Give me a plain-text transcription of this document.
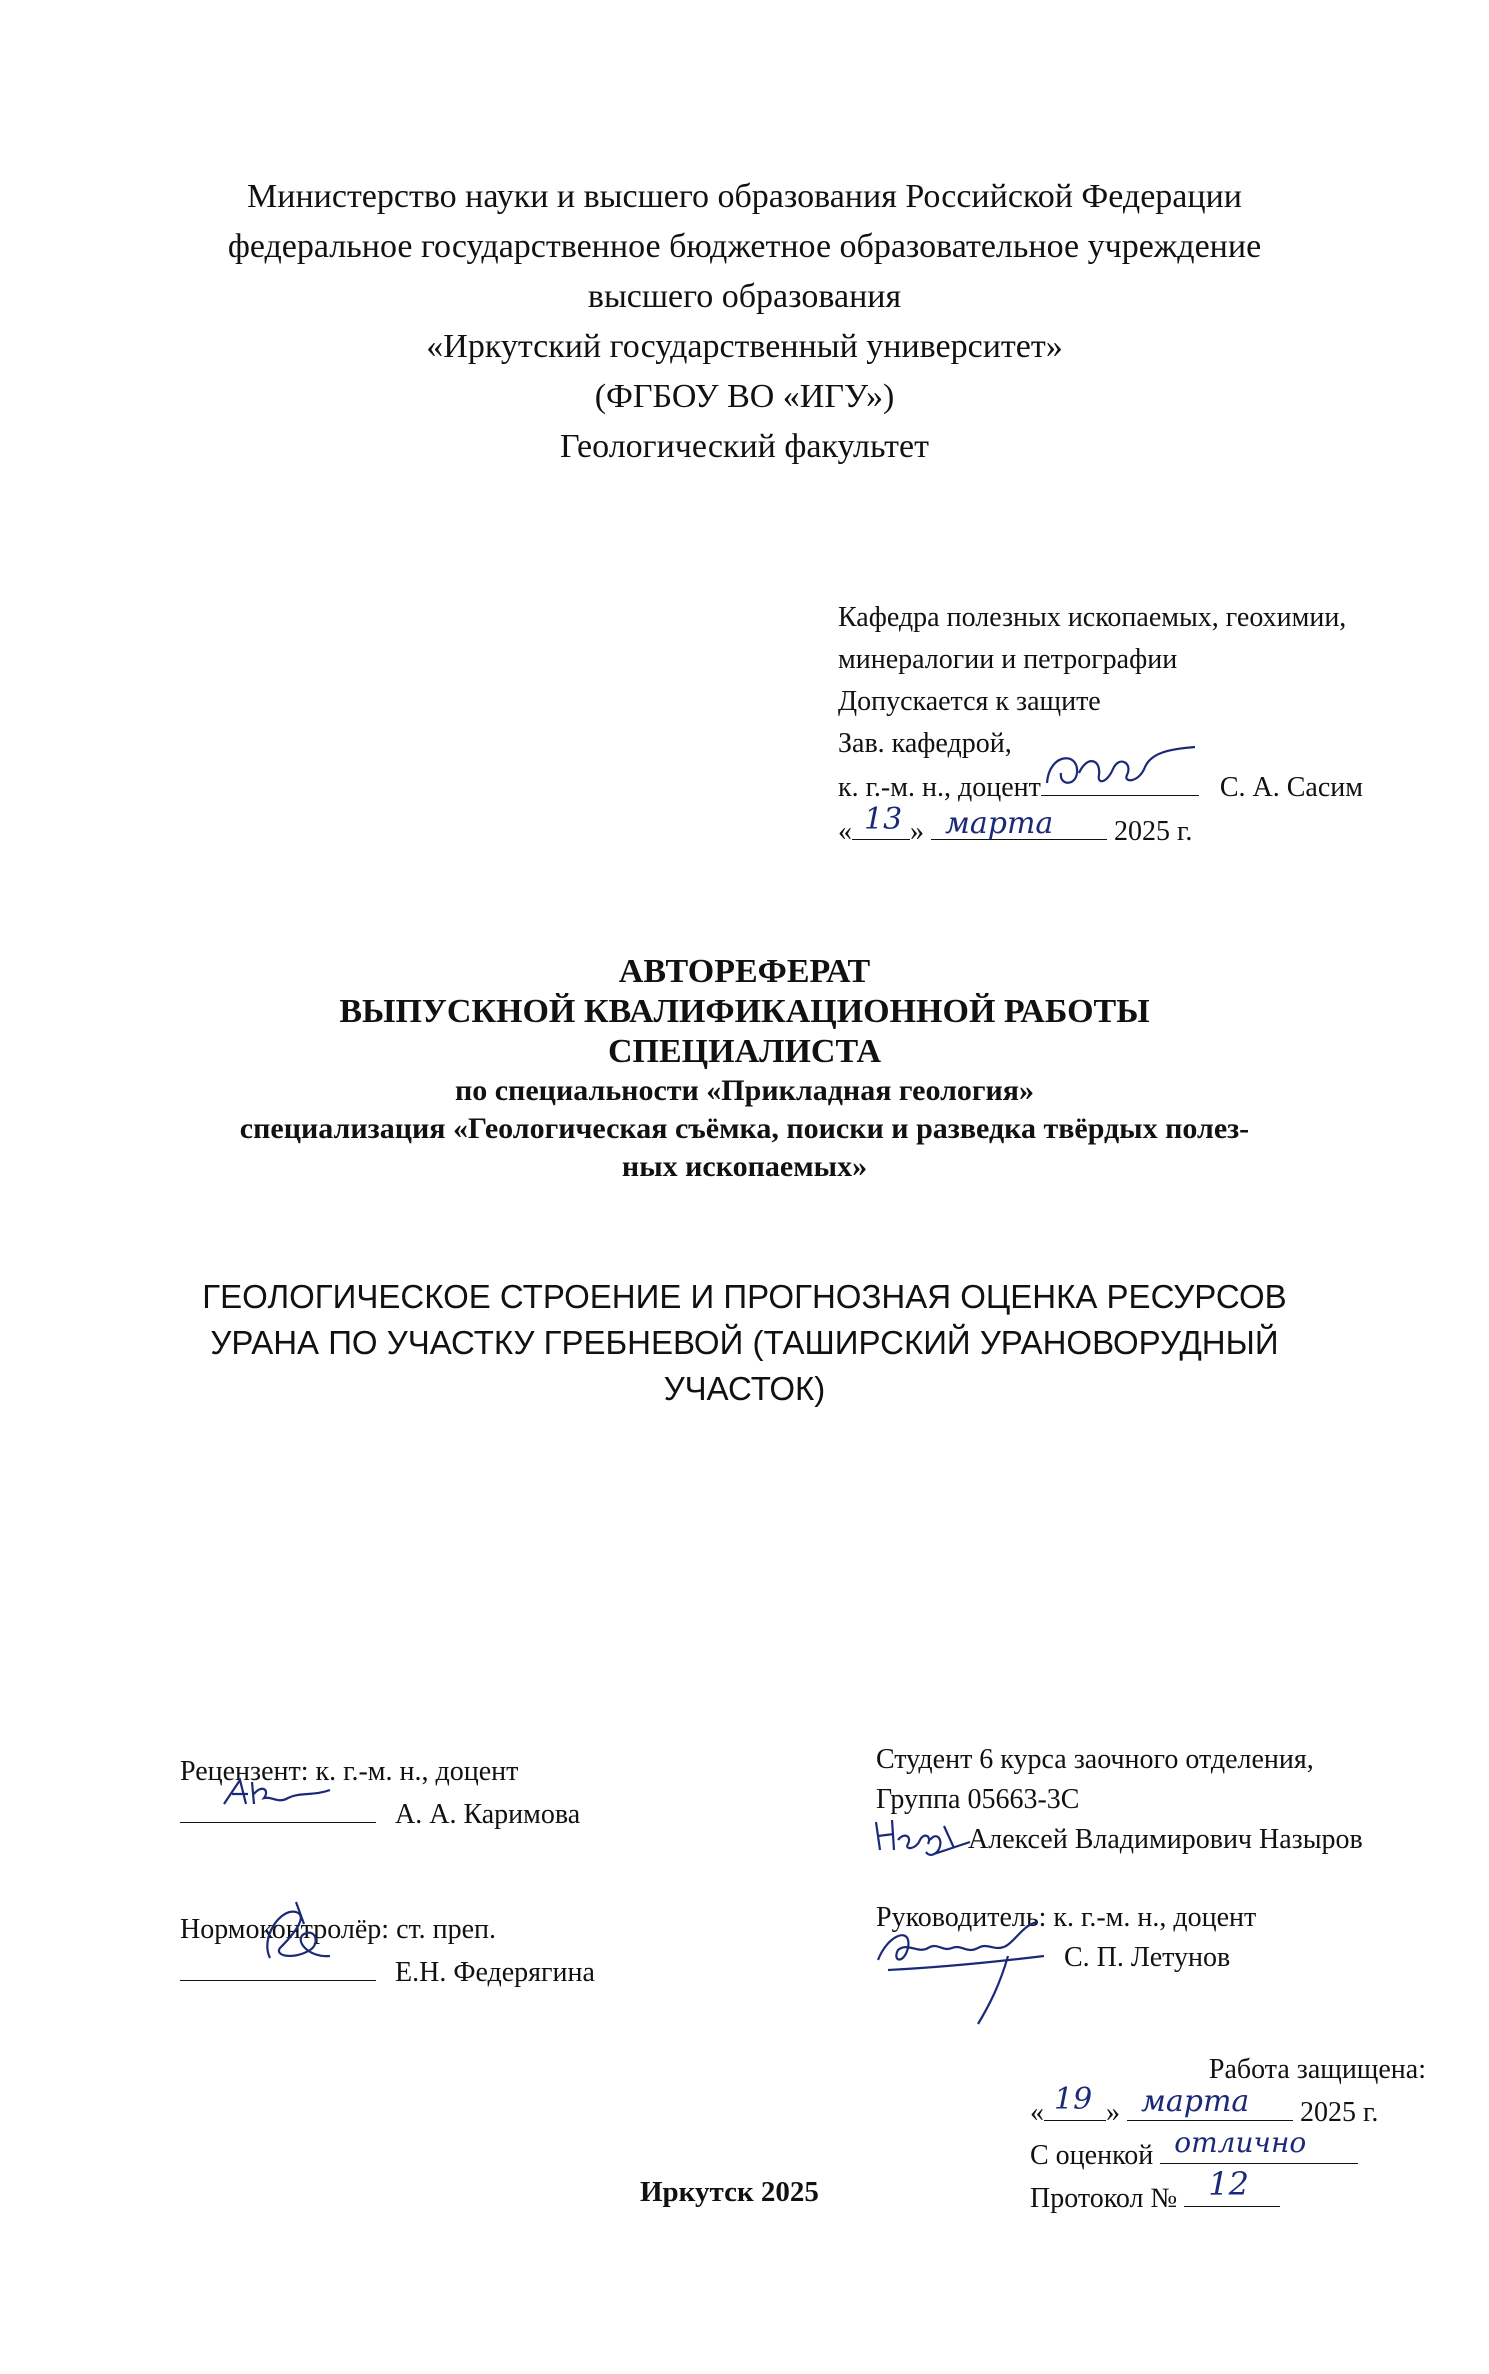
Министерство науки и высшего образования Российской Федерации
федеральное государственное бюджетное образовательное учреждение
высшего образования
«Иркутский государственный университет»
(ФГБОУ ВО «ИГУ»)
Геологический факультет
Кафедра полезных ископаемых, геохимии,
минералогии и петрографии
Допускается к защите
Зав. кафедрой,
к. г.-м. н., доцент	С. А. Сасим
« 13 » марта 2025 г.
АВТОРЕФЕРАТ
ВЫПУСКНОЙ КВАЛИФИКАЦИОННОЙ РАБОТЫ
СПЕЦИАЛИСТА
по специальности «Прикладная геология»
специализация «Геологическая съёмка, поиски и разведка твёрдых полез-
ных ископаемых»
ГЕОЛОГИЧЕСКОЕ СТРОЕНИЕ И ПРОГНОЗНАЯ ОЦЕНКА РЕСУРСОВ
УРАНА ПО УЧАСТКУ ГРЕБНЕВОЙ (ТАШИРСКИЙ УРАНОВОРУДНЫЙ
УЧАСТОК)
Рецензент: к. г.-м. н., доцент
А. А. Каримова
Нормоконтролёр: ст. преп.
Е.Н. Федерягина
Студент 6 курса заочного отделения,
Группа 05663-3С
Алексей Владимирович Назыров
Руководитель: к. г.-м. н., доцент
С. П. Летунов
Работа защищена:
« 19 » марта 2025 г.
С оценкой отлично
Протокол № 12
Иркутск 2025
